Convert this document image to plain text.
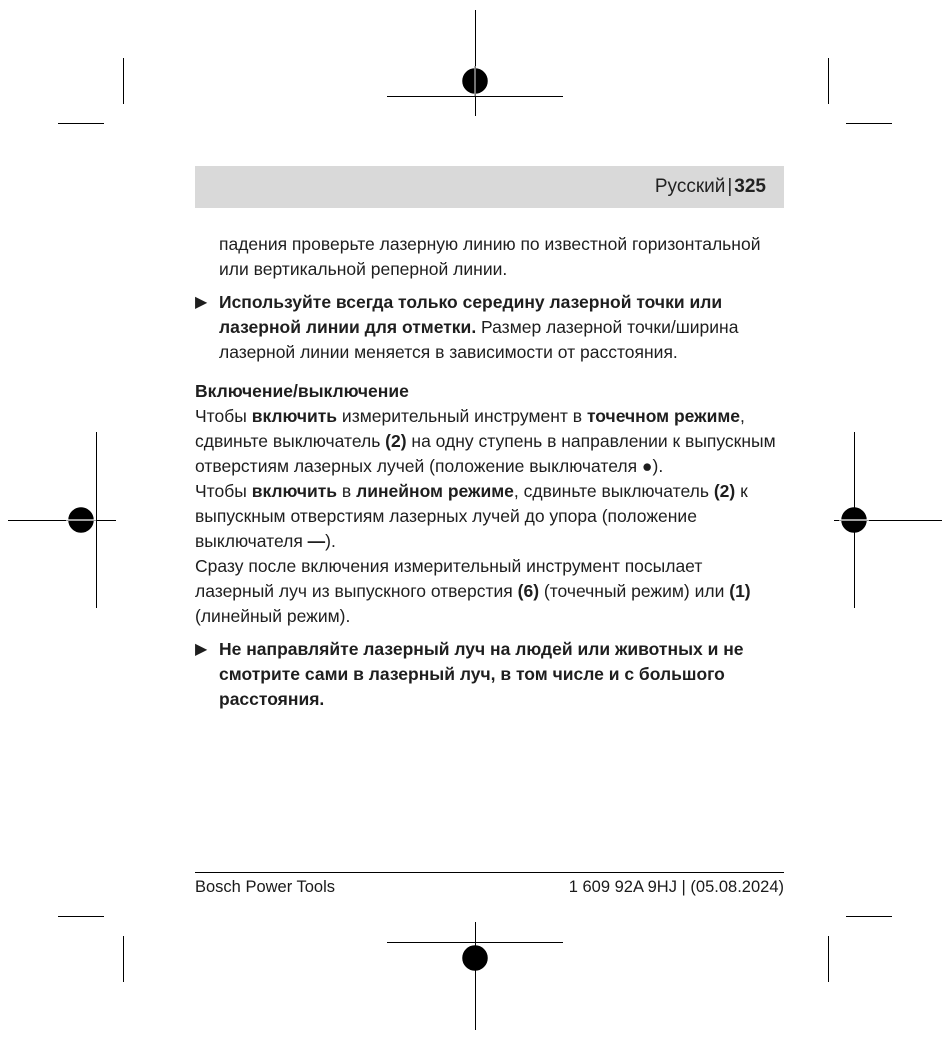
Русский | 325

падения проверьте лазерную линию по известной горизонтальной или вертикальной реперной линии.

▶ Используйте всегда только середину лазерной точки или лазерной линии для отметки. Размер лазерной точки/ширина лазерной линии меняется в зависимости от расстояния.

Включение/выключение

Чтобы включить измерительный инструмент в точечном режиме, сдвиньте выключатель (2) на одну ступень в направлении к выпускным отверстиям лазерных лучей (положение выключателя ●).

Чтобы включить в линейном режиме, сдвиньте выключатель (2) к выпускным отверстиям лазерных лучей до упора (положение выключателя —).

Сразу после включения измерительный инструмент посылает лазерный луч из выпускного отверстия (6) (точечный режим) или (1) (линейный режим).

▶ Не направляйте лазерный луч на людей или животных и не смотрите сами в лазерный луч, в том числе и с большого расстояния.

Bosch Power Tools	1 609 92A 9HJ | (05.08.2024)
